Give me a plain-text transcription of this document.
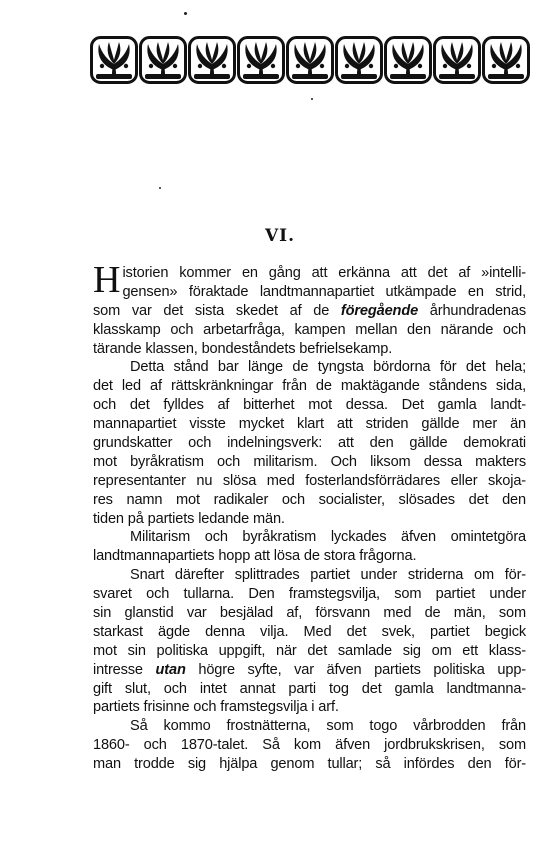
VI.
H istorien kommer en gång att erkänna att det af »intelli-
gensen» föraktade landtmannapartiet utkämpade en strid,
som var det sista skedet af de föregående århundradenas
klasskamp och arbetarfråga, kampen mellan den närande och
tärande klassen, bondeståndets befrielsekamp.
Detta stånd bar länge de tyngsta bördorna för det hela;
det led af rättskränkningar från de maktägande ståndens sida,
och det fylldes af bitterhet mot dessa. Det gamla landt-
mannapartiet visste mycket klart att striden gällde mer än
grundskatter och indelningsverk: att den gällde demokrati
mot byråkratism och militarism. Och liksom dessa makters
representanter nu slösa med fosterlandsförrädares eller skoja-
res namn mot radikaler och socialister, slösades det den
tiden på partiets ledande män.
Militarism och byråkratism lyckades äfven omintetgöra
landtmannapartiets hopp att lösa de stora frågorna.
Snart därefter splittrades partiet under striderna om för-
svaret och tullarna. Den framstegsvilja, som partiet under
sin glanstid var besjälad af, försvann med de män, som
starkast ägde denna vilja. Med det svek, partiet begick
mot sin politiska uppgift, när det samlade sig om ett klass-
intresse utan högre syfte, var äfven partiets politiska upp-
gift slut, och intet annat parti tog det gamla landtmanna-
partiets frisinne och framstegsvilja i arf.
Så kommo frostnätterna, som togo vårbrodden från
1860- och 1870-talet. Så kom äfven jordbrukskrisen, som
man trodde sig hjälpa genom tullar; så infördes den för-
